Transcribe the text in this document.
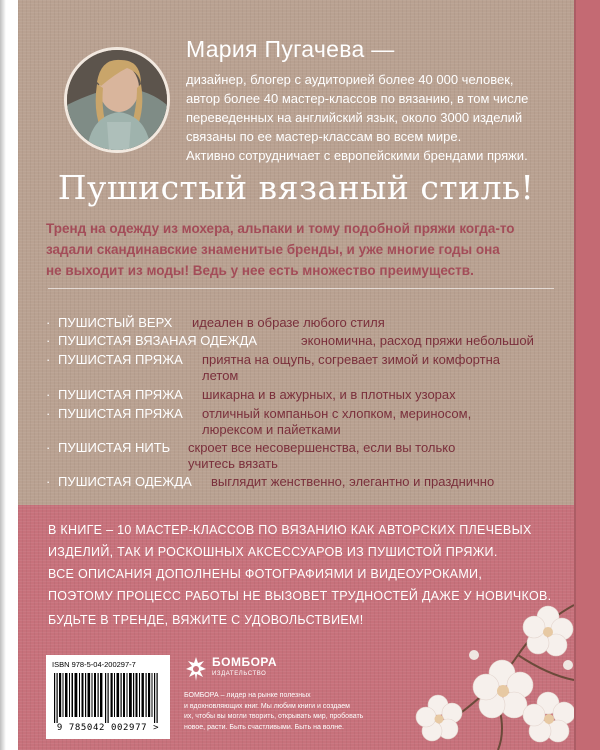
Мария Пугачева —
дизайнер, блогер с аудиторией более 40 000 человек,
автор более 40 мастер-классов по вязанию, в том числе
переведенных на английский язык, около 3000 изделий
связаны по ее мастер-классам во всем мире.
Активно сотрудничает с европейскими брендами пряжи.
Пушистый вязаный стиль!
Тренд на одежду из мохера, альпаки и тому подобной пряжи когда-то
задали скандинавские знаменитые бренды, и уже многие годы она
не выходит из моды! Ведь у нее есть множество преимуществ.
· ПУШИСТЫЙ ВЕРХ идеален в образе любого стиля
· ПУШИСТАЯ ВЯЗАНАЯ ОДЕЖДА	экономична, расход пряжи небольшой
· ПУШИСТАЯ ПРЯЖА приятна на ощупь, согревает зимой и комфортна
летом
· ПУШИСТАЯ ПРЯЖА шикарна и в ажурных, и в плотных узорах
· ПУШИСТАЯ ПРЯЖА отличный компаньон с хлопком, мериносом,
люрексом и пайетками
· ПУШИСТАЯ НИТЬ скроет все несовершенства, если вы только
учитесь вязать
· ПУШИСТАЯ ОДЕЖДА выглядит женственно, элегантно и празднично
В КНИГЕ – 10 МАСТЕР-КЛАССОВ ПО ВЯЗАНИЮ КАК АВТОРСКИХ ПЛЕЧЕВЫХ
ИЗДЕЛИЙ, ТАК И РОСКОШНЫХ АКСЕССУАРОВ ИЗ ПУШИСТОЙ ПРЯЖИ.
ВСЕ ОПИСАНИЯ ДОПОЛНЕНЫ ФОТОГРАФИЯМИ И ВИДЕОУРОКАМИ,
ПОЭТОМУ ПРОЦЕСС РАБОТЫ НЕ ВЫЗОВЕТ ТРУДНОСТЕЙ ДАЖЕ У НОВИЧКОВ.
БУДЬТЕ В ТРЕНДЕ, ВЯЖИТЕ С УДОВОЛЬСТВИЕМ!
ISBN 978-5-04-200297-7
9 785042 002977 >
БОМБОРА
ИЗДАТЕЛЬСТВО
БОМБОРА – лидер на рынке полезных
и вдохновляющих книг. Мы любим книги и создаем
их, чтобы вы могли творить, открывать мир, пробовать
новое, расти. Быть счастливыми. Быть на волне.
